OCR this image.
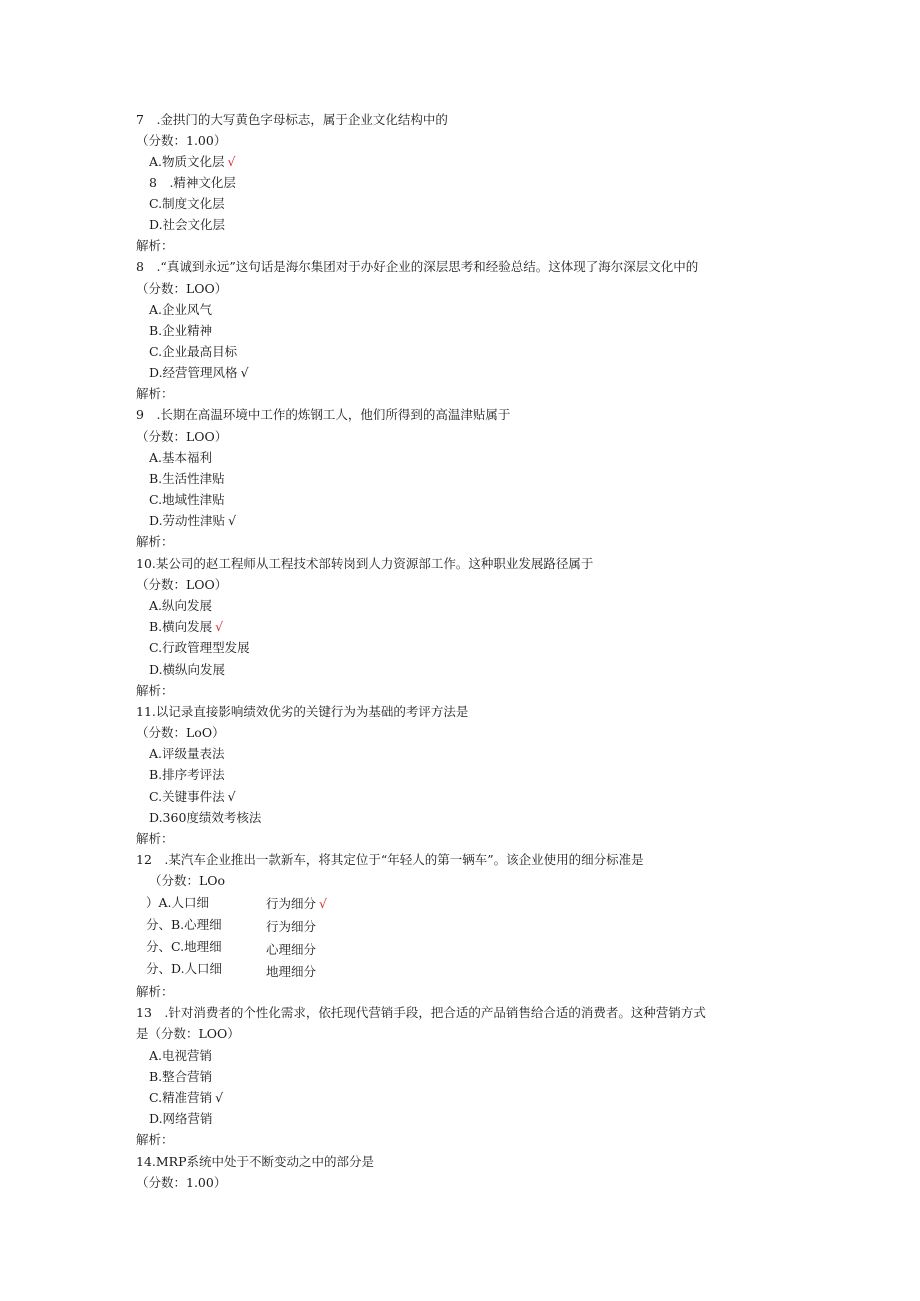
7　.金拱门的大写黄色字母标志，属于企业文化结构中的
（分数：1.00）
A.物质文化层 √
8　.精神文化层
C.制度文化层
D.社会文化层
解析：
8　.“真诚到永远”这句话是海尔集团对于办好企业的深层思考和经验总结。这体现了海尔深层文化中的
（分数：LOO）
A.企业风气
B.企业精神
C.企业最高目标
D.经营管理风格 √
解析：
9　.长期在高温环境中工作的炼钢工人，他们所得到的高温津贴属于
（分数：LOO）
A.基本福利
B.生活性津贴
C.地域性津贴
D.劳动性津贴 √
解析：
10.某公司的赵工程师从工程技术部转岗到人力资源部工作。这种职业发展路径属于
（分数：LOO）
A.纵向发展
B.横向发展 √
C.行政管理型发展
D.横纵向发展
解析：
11.以记录直接影响绩效优劣的关键行为为基础的考评方法是
（分数：LoO）
A.评级量表法
B.排序考评法
C.关键事件法 √
D.360度绩效考核法
解析：
12　.某汽车企业推出一款新车，将其定位于“年轻人的第一辆车”。该企业使用的细分标准是
（分数：LOo
）A.人口细	行为细分 √
分、B.心理细	行为细分
分、C.地理细	心理细分
分、D.人口细	地理细分
解析：
13　.针对消费者的个性化需求，依托现代营销手段，把合适的产品销售给合适的消费者。这种营销方式
是（分数：LOO）
A.电视营销
B.整合营销
C.精准营销 √
D.网络营销
解析：
14.MRP系统中处于不断变动之中的部分是
（分数：1.00）
